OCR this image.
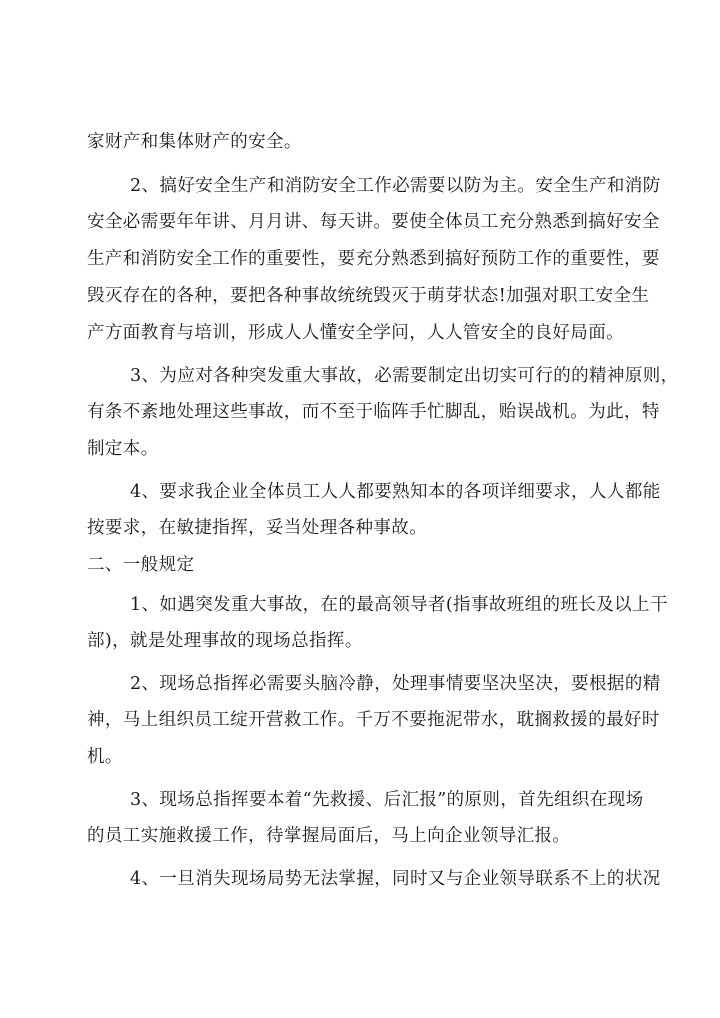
家财产和集体财产的安全。
2、搞好安全生产和消防安全工作必需要以防为主。安全生产和消防
安全必需要年年讲、月月讲、每天讲。要使全体员工充分熟悉到搞好安全
生产和消防安全工作的重要性，要充分熟悉到搞好预防工作的重要性，要
毁灭存在的各种，要把各种事故统统毁灭于萌芽状态!加强对职工安全生
产方面教育与培训，形成人人懂安全学问，人人管安全的良好局面。
3、为应对各种突发重大事故，必需要制定出切实可行的的精神原则，
有条不紊地处理这些事故，而不至于临阵手忙脚乱，贻误战机。为此，特
制定本。
4、要求我企业全体员工人人都要熟知本的各项详细要求，人人都能
按要求，在敏捷指挥，妥当处理各种事故。
二、一般规定
1、如遇突发重大事故，在的最高领导者(指事故班组的班长及以上干
部)，就是处理事故的现场总指挥。
2、现场总指挥必需要头脑冷静，处理事情要坚决坚决，要根据的精
神，马上组织员工绽开营救工作。千万不要拖泥带水，耽搁救援的最好时
机。
3、现场总指挥要本着“先救援、后汇报”的原则，首先组织在现场
的员工实施救援工作，待掌握局面后，马上向企业领导汇报。
4、一旦消失现场局势无法掌握，同时又与企业领导联系不上的状况
